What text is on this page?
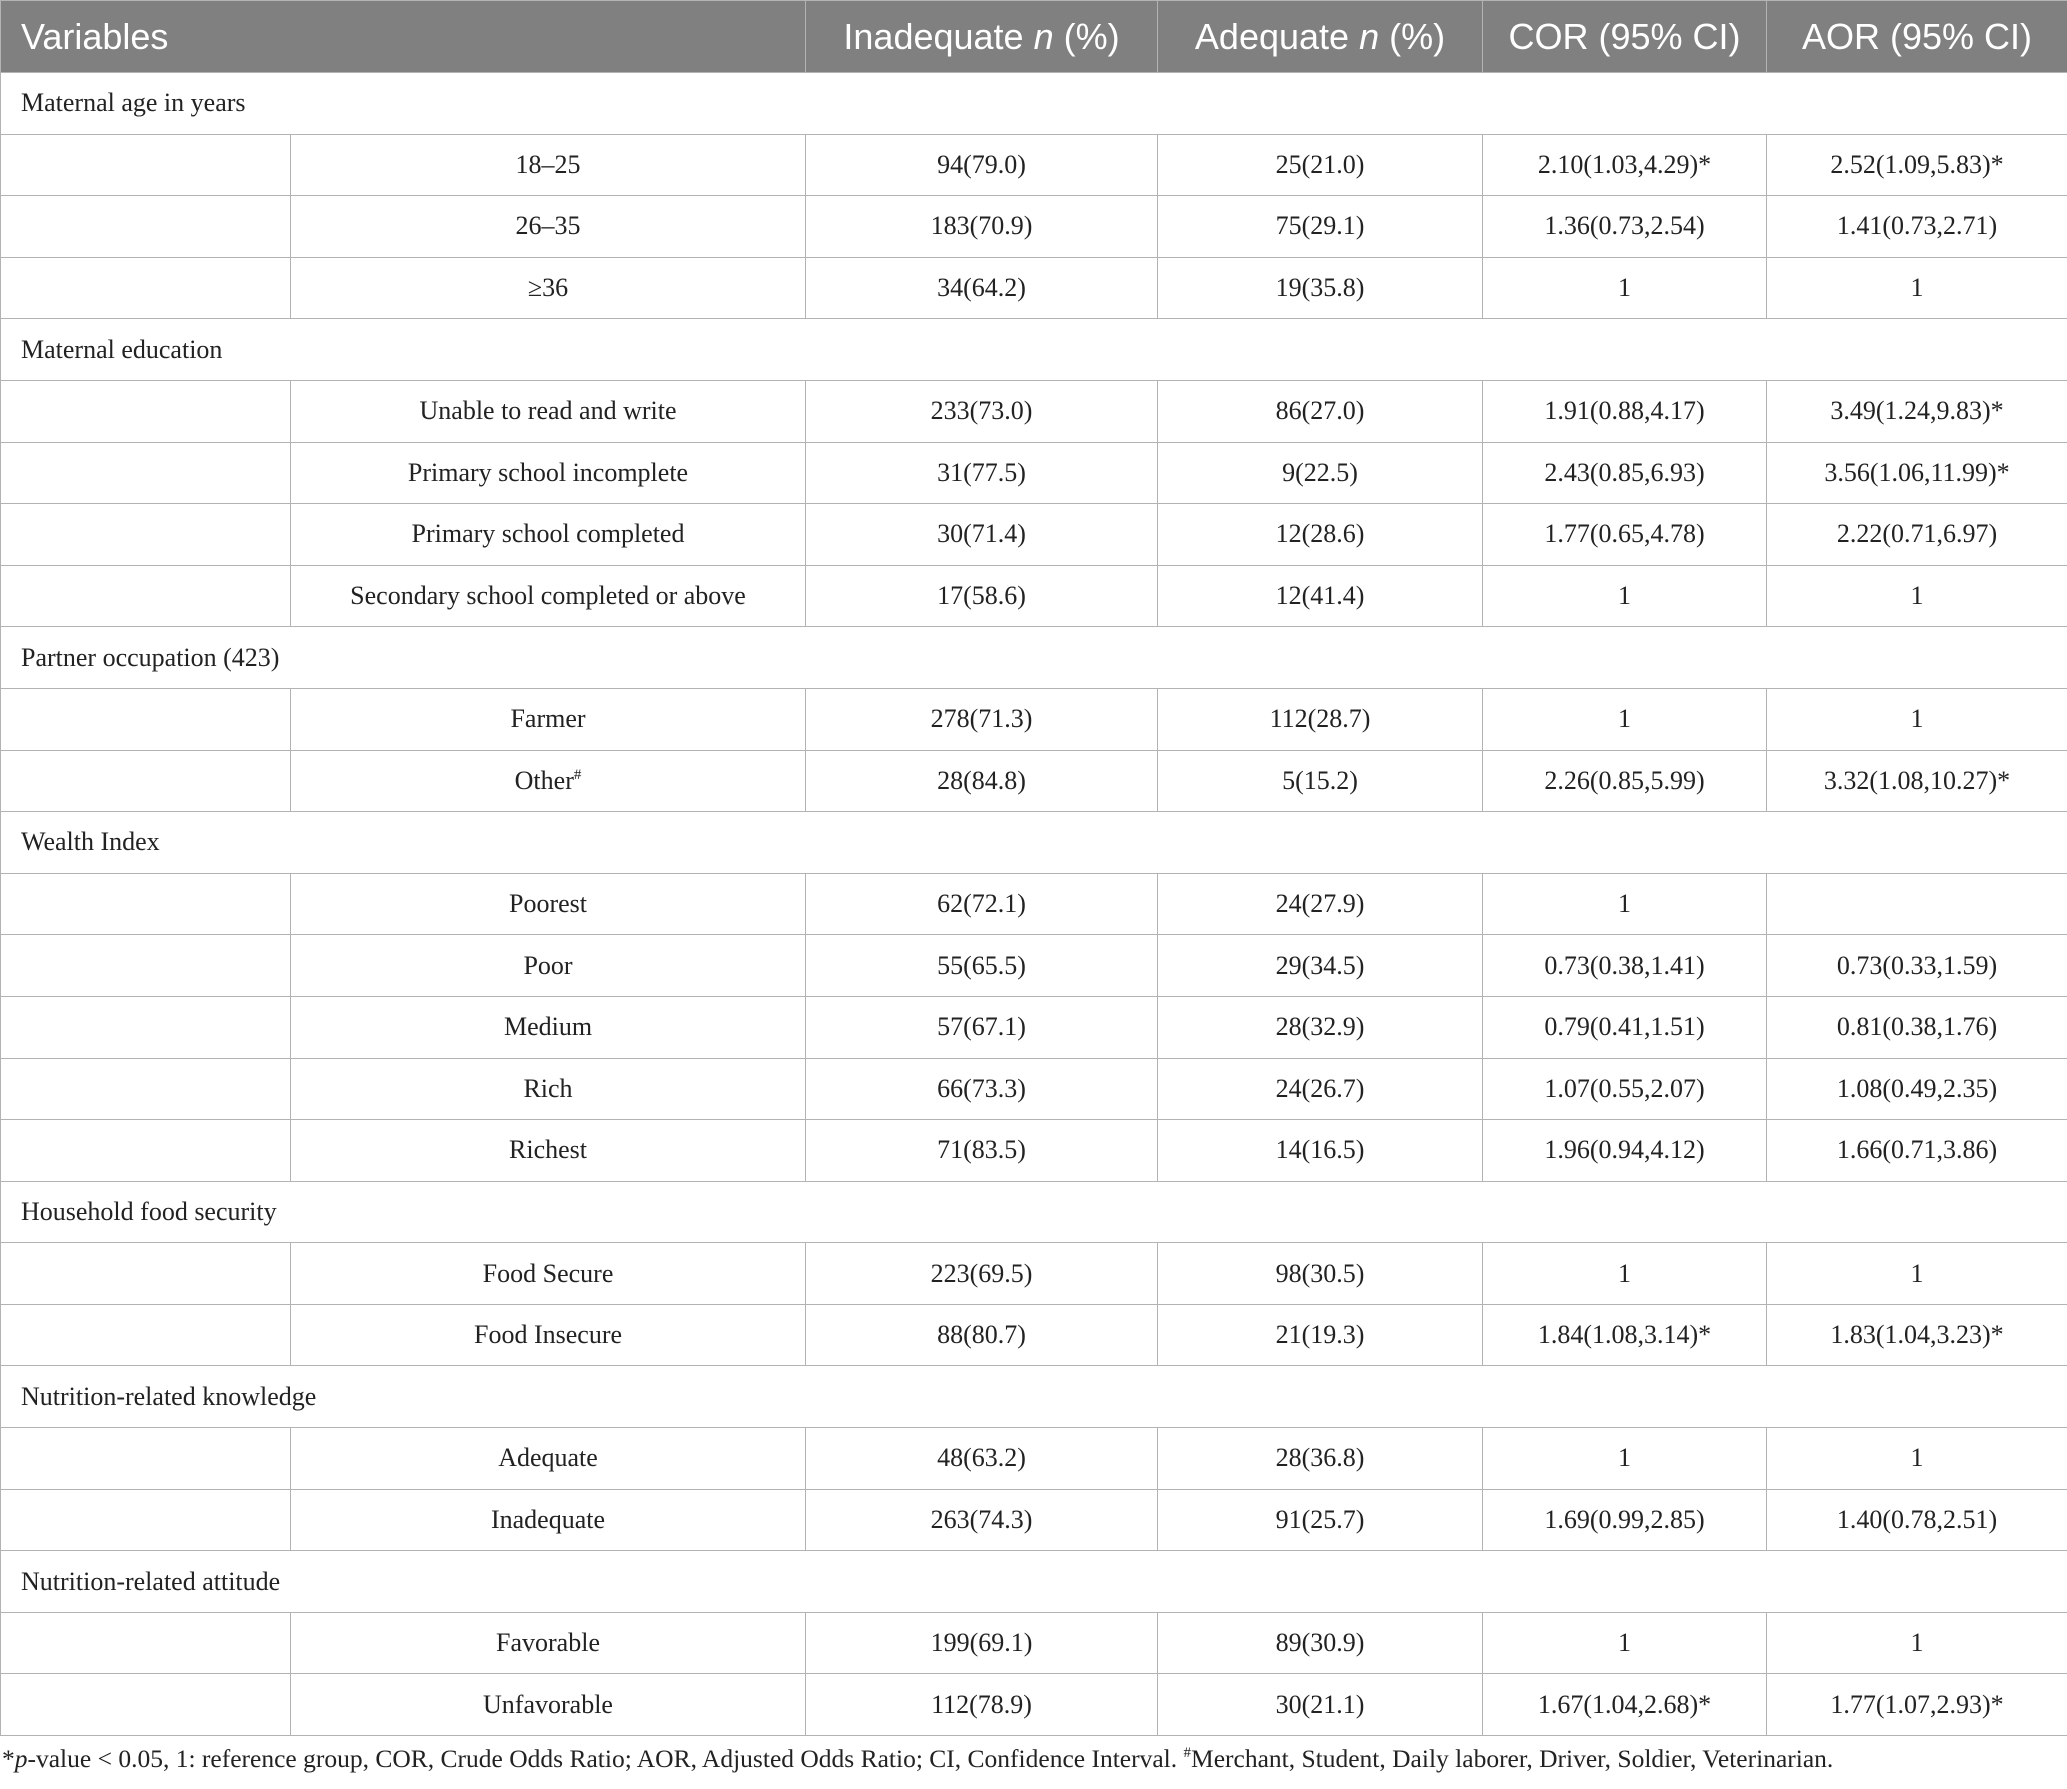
Variables		Inadequate n (%)	Adequate n (%)	COR (95% CI)	AOR (95% CI)
Maternal age in years					
	18–25	94(79.0)	25(21.0)	2.10(1.03,4.29)*	2.52(1.09,5.83)*
	26–35	183(70.9)	75(29.1)	1.36(0.73,2.54)	1.41(0.73,2.71)
	≥36	34(64.2)	19(35.8)	1	1
Maternal education					
	Unable to read and write	233(73.0)	86(27.0)	1.91(0.88,4.17)	3.49(1.24,9.83)*
	Primary school incomplete	31(77.5)	9(22.5)	2.43(0.85,6.93)	3.56(1.06,11.99)*
	Primary school completed	30(71.4)	12(28.6)	1.77(0.65,4.78)	2.22(0.71,6.97)
	Secondary school completed or above	17(58.6)	12(41.4)	1	1
Partner occupation (423)					
	Farmer	278(71.3)	112(28.7)	1	1
	Other#	28(84.8)	5(15.2)	2.26(0.85,5.99)	3.32(1.08,10.27)*
Wealth Index					
	Poorest	62(72.1)	24(27.9)	1	
	Poor	55(65.5)	29(34.5)	0.73(0.38,1.41)	0.73(0.33,1.59)
	Medium	57(67.1)	28(32.9)	0.79(0.41,1.51)	0.81(0.38,1.76)
	Rich	66(73.3)	24(26.7)	1.07(0.55,2.07)	1.08(0.49,2.35)
	Richest	71(83.5)	14(16.5)	1.96(0.94,4.12)	1.66(0.71,3.86)
Household food security					
	Food Secure	223(69.5)	98(30.5)	1	1
	Food Insecure	88(80.7)	21(19.3)	1.84(1.08,3.14)*	1.83(1.04,3.23)*
Nutrition-related knowledge					
	Adequate	48(63.2)	28(36.8)	1	1
	Inadequate	263(74.3)	91(25.7)	1.69(0.99,2.85)	1.40(0.78,2.51)
Nutrition-related attitude					
	Favorable	199(69.1)	89(30.9)	1	1
	Unfavorable	112(78.9)	30(21.1)	1.67(1.04,2.68)*	1.77(1.07,2.93)*
*p-value < 0.05, 1: reference group, COR, Crude Odds Ratio; AOR, Adjusted Odds Ratio; CI, Confidence Interval. #Merchant, Student, Daily laborer, Driver, Soldier, Veterinarian.
